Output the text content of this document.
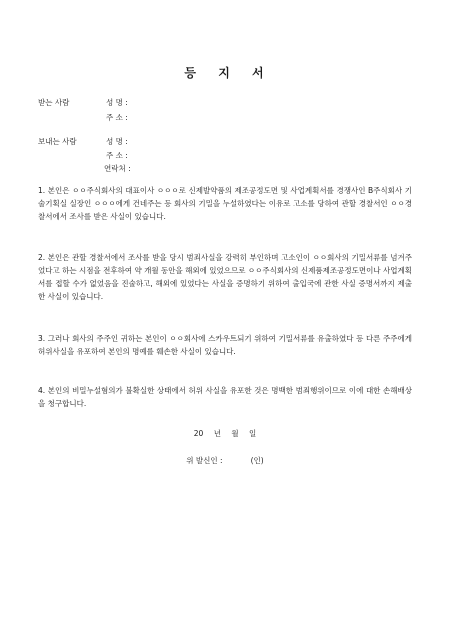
등 지 서
받는 사람	성 명 :
주 소 :
보내는 사람	성 명 :
주 소 :
연락처 :
1. 본인은 ㅇㅇ주식회사의 대표이사 ㅇㅇㅇ로 신제발약품의 제조공정도면 및 사업계획서를 경쟁사인 B주식회사 기술기획실 실장인 ㅇㅇㅇ에게 건네주는 등 회사의 기밀을 누설하였다는 이유로 고소를 당하여 관할 경찰서인 ㅇㅇ경찰서에서 조사를 받은 사실이 있습니다.
2. 본인은 관할 경찰서에서 조사를 받을 당시 범죄사실을 강력히 부인하며 고소인이 ㅇㅇ회사의 기밀서류를 넘겨주었다고 하는 시점을 전후하여 약 개월 동안을 해외에 있었으므로 ㅇㅇ주식회사의 신제품제조공정도면이나 사업계획서를 접할 수가 없었음을 진술하고, 해외에 있었다는 사실을 증명하기 위하여 출입국에 관한 사실 증명서까지 제출한 사실이 있습니다.
3. 그러나 회사의 주주인 귀하는 본인이 ㅇㅇ회사에 스카우트되기 위하여 기밀서류를 유출하였다 등 다른 주주에게 허위사실을 유포하여 본인의 명예를 훼손한 사실이 있습니다.
4. 본인의 비밀누설혐의가 불확실한 상태에서 허위 사실을 유포한 것은 명백한 범죄행위이므로 이에 대한 손해배상을 청구합니다.
20 년 월 일
위 발신인 :	(인)
